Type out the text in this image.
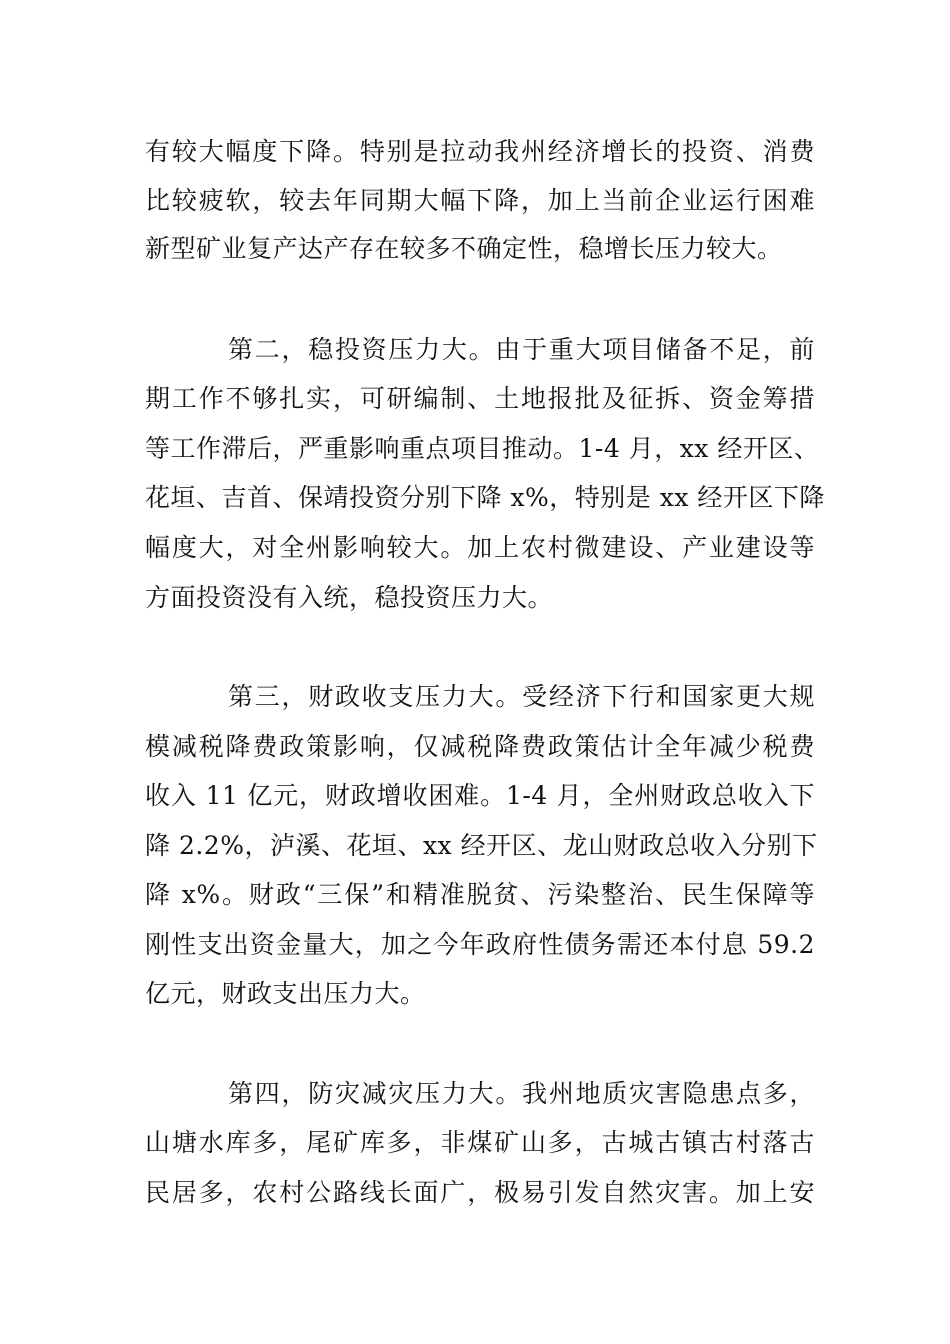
有较大幅度下降。特别是拉动我州经济增长的投资、消费
比较疲软，较去年同期大幅下降，加上当前企业运行困难
新型矿业复产达产存在较多不确定性，稳增长压力较大。
第二，稳投资压力大。由于重大项目储备不足，前
期工作不够扎实，可研编制、土地报批及征拆、资金筹措
等工作滞后，严重影响重点项目推动。1-4 月，xx 经开区、
花垣、吉首、保靖投资分别下降 x%，特别是 xx 经开区下降
幅度大，对全州影响较大。加上农村微建设、产业建设等
方面投资没有入统，稳投资压力大。
第三，财政收支压力大。受经济下行和国家更大规
模减税降费政策影响，仅减税降费政策估计全年减少税费
收入 11 亿元，财政增收困难。1-4 月，全州财政总收入下
降 2.2%，泸溪、花垣、xx 经开区、龙山财政总收入分别下
降 x%。财政“三保”和精准脱贫、污染整治、民生保障等
刚性支出资金量大，加之今年政府性债务需还本付息 59.2
亿元，财政支出压力大。
第四，防灾减灾压力大。我州地质灾害隐患点多，
山塘水库多，尾矿库多，非煤矿山多，古城古镇古村落古
民居多，农村公路线长面广，极易引发自然灾害。加上安
